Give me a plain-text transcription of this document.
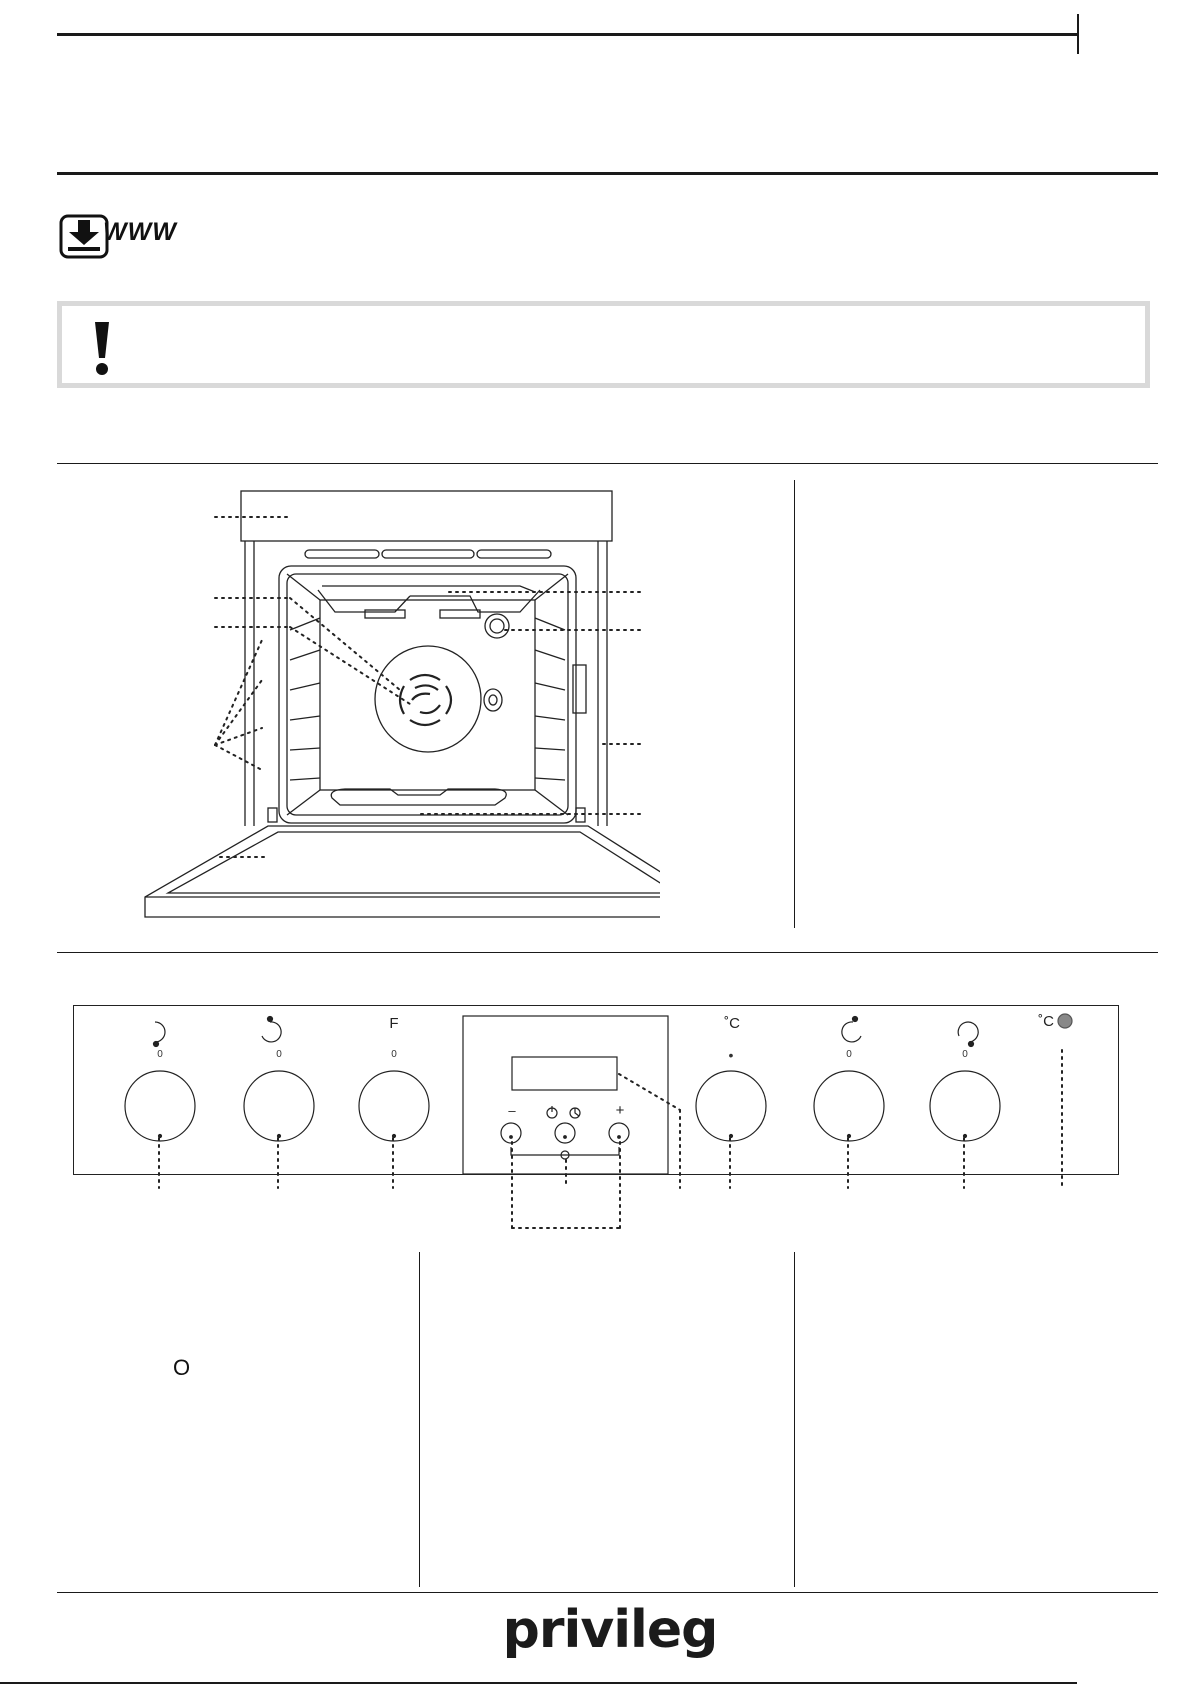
WWW
F	˚C	˚C
0	0	0	•	0	0
–	+
O
privileg
